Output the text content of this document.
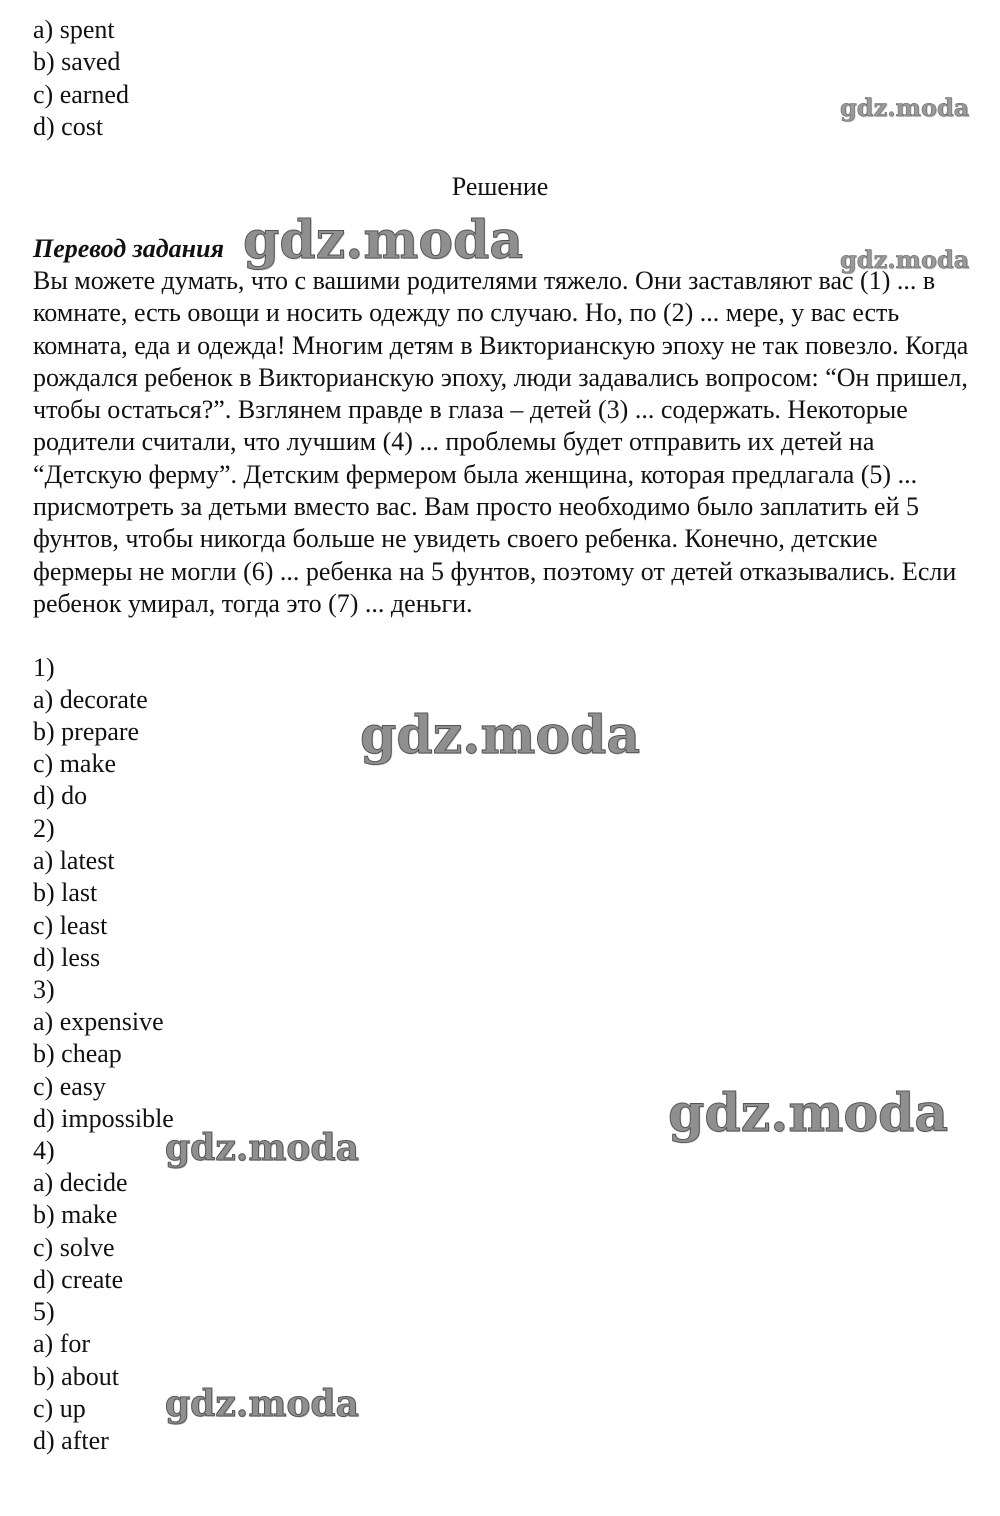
a) spent
b) saved
c) earned
d) cost
Решение
Перевод задания
Вы можете думать, что с вашими родителями тяжело. Они заставляют вас (1) ... в комнате, есть овощи и носить одежду по случаю. Но, по (2) ... мере, у вас есть комната, еда и одежда! Многим детям в Викторианскую эпоху не так повезло. Когда рождался ребенок в Викторианскую эпоху, люди задавались вопросом: “Он пришел, чтобы остаться?”. Взглянем правде в глаза – детей (3) ... содержать. Некоторые родители считали, что лучшим (4) ... проблемы будет отправить их детей на “Детскую ферму”. Детским фермером была женщина, которая предлагала (5) ... присмотреть за детьми вместо вас. Вам просто необходимо было заплатить ей 5 фунтов, чтобы никогда больше не увидеть своего ребенка. Конечно, детские фермеры не могли (6) ... ребенка на 5 фунтов, поэтому от детей отказывались. Если ребенок умирал, тогда это (7) ... деньги.
1)
a) decorate
b) prepare
c) make
d) do
2)
a) latest
b) last
c) least
d) less
3)
a) expensive
b) cheap
c) easy
d) impossible
4)
a) decide
b) make
c) solve
d) create
5)
a) for
b) about
c) up
d) after
gdz.moda
gdz.moda	gdz.moda
gdz.moda
gdz.moda
gdz.moda
gdz.moda
